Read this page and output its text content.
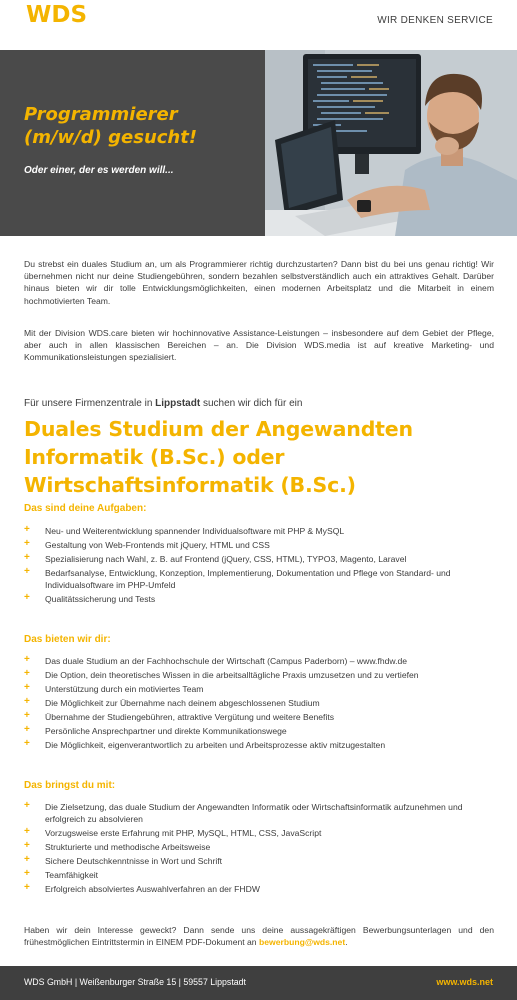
WDS	WIR DENKEN SERVICE
Programmierer (m/w/d) gesucht!
Oder einer, der es werden will...

Du strebst ein duales Studium an, um als Programmierer richtig durchzustarten? Dann bist du bei uns genau richtig! Wir übernehmen nicht nur deine Studiengebühren, sondern bezahlen selbstverständlich auch ein attraktives Gehalt. Darüber hinaus bieten wir dir tolle Entwicklungsmöglichkeiten, einen modernen Arbeitsplatz und die Mitarbeit in einem hochmotivierten Team.

Mit der Division WDS.care bieten wir hochinnovative Assistance-Leistungen – insbesondere auf dem Gebiet der Pflege, aber auch in allen klassischen Bereichen – an. Die Division WDS.media ist auf kreative Marketing- und Kommunikationsleistungen spezialisiert.

Für unsere Firmenzentrale in Lippstadt suchen wir dich für ein
Duales Studium der Angewandten Informatik (B.Sc.) oder Wirtschaftsinformatik (B.Sc.)
Das sind deine Aufgaben:
+ Neu- und Weiterentwicklung spannender Individualsoftware mit PHP & MySQL
+ Gestaltung von Web-Frontends mit jQuery, HTML und CSS
+ Spezialisierung nach Wahl, z. B. auf Frontend (jQuery, CSS, HTML), TYPO3, Magento, Laravel
+ Bedarfsanalyse, Entwicklung, Konzeption, Implementierung, Dokumentation und Pflege von Standard- und Individualsoftware im PHP-Umfeld
+ Qualitätssicherung und Tests
Das bieten wir dir:
+ Das duale Studium an der Fachhochschule der Wirtschaft (Campus Paderborn) – www.fhdw.de
+ Die Option, dein theoretisches Wissen in die arbeitsalltägliche Praxis umzusetzen und zu vertiefen
+ Unterstützung durch ein motiviertes Team
+ Die Möglichkeit zur Übernahme nach deinem abgeschlossenen Studium
+ Übernahme der Studiengebühren, attraktive Vergütung und weitere Benefits
+ Persönliche Ansprechpartner und direkte Kommunikationswege
+ Die Möglichkeit, eigenverantwortlich zu arbeiten und Arbeitsprozesse aktiv mitzugestalten
Das bringst du mit:
+ Die Zielsetzung, das duale Studium der Angewandten Informatik oder Wirtschaftsinformatik aufzunehmen und erfolgreich zu absolvieren
+ Vorzugsweise erste Erfahrung mit PHP, MySQL, HTML, CSS, JavaScript
+ Strukturierte und methodische Arbeitsweise
+ Sichere Deutschkenntnisse in Wort und Schrift
+ Teamfähigkeit
+ Erfolgreich absolviertes Auswahlverfahren an der FHDW

Haben wir dein Interesse geweckt? Dann sende uns deine aussagekräftigen Bewerbungsunterlagen und den frühestmöglichen Eintrittstermin in EINEM PDF-Dokument an bewerbung@wds.net.

WDS GmbH | Weißenburger Straße 15 | 59557 Lippstadt	www.wds.net
